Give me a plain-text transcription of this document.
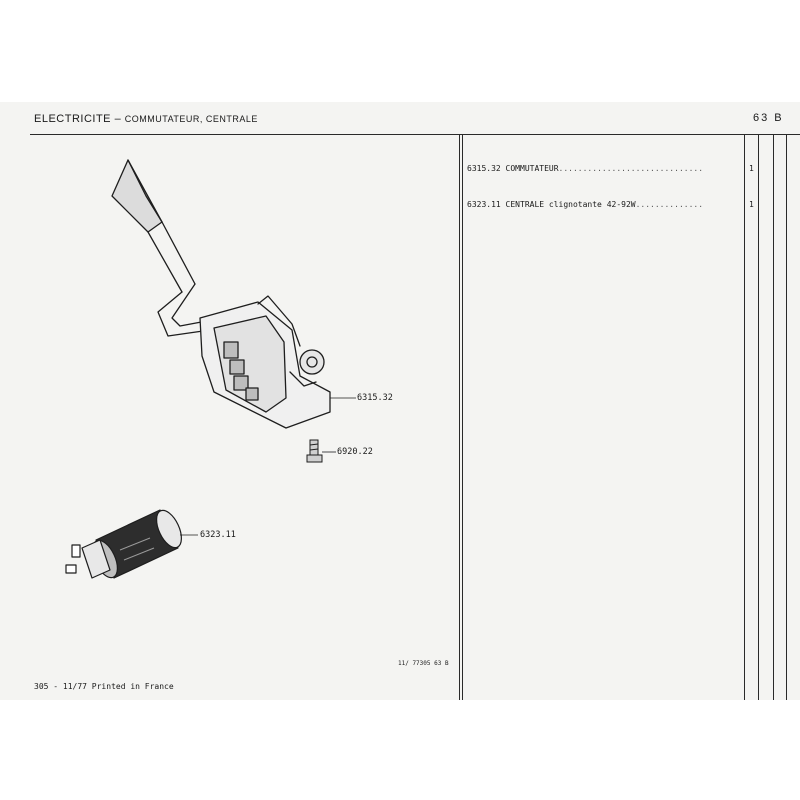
ELECTRICITE – COMMUTATEUR, CENTRALE	63 B
6315.32 COMMUTATEUR..............................	1
6323.11 CENTRALE clignotante 42-92W..............	1
6315.32
6920.22
6323.11
11/ 77305 63 B
305 - 11/77 Printed in France
